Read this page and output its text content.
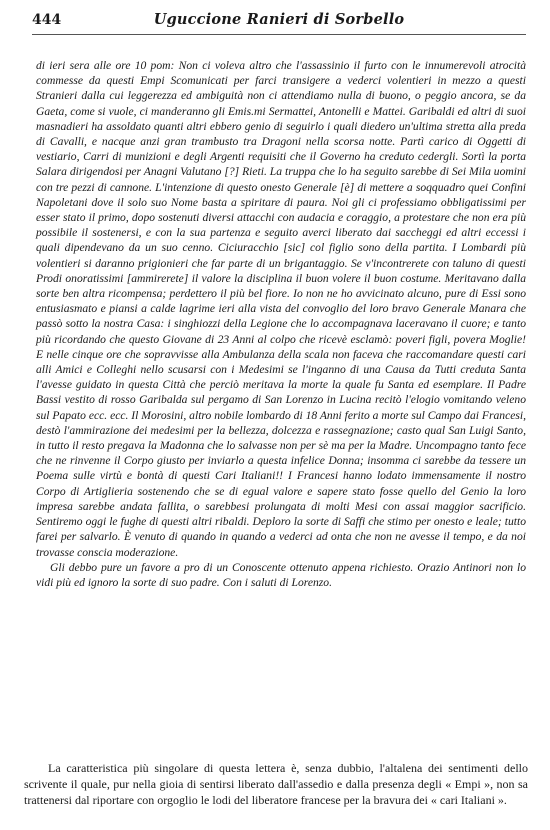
444	Uguccione Ranieri di Sorbello

di ieri sera alle ore 10 pom: Non ci voleva altro che l'assassinio il furto con le innumerevoli atrocità commesse da questi Empi Scomunicati per farci transigere a vederci volentieri in mezzo a questi Stranieri dalla cui leggerezza ed ambiguità non ci attendiamo nulla di buono, o peggio ancora, se da Gaeta, come si vuole, ci manderanno gli Emis.mi Sermattei, Antonelli e Mattei. Garibaldi ed altri di suoi masnadieri ha assoldato quanti altri ebbero genio di seguirlo i quali diedero un'ultima stretta alla preda di Cavalli, e nacque anzi gran trambusto tra Dragoni nella scorsa notte. Partì carico di Oggetti di vestiario, Carri di munizioni e degli Argenti requisiti che il Governo ha creduto cedergli. Sortì la porta Salara dirigendosi per Anagni Valutano [?] Rieti. La truppa che lo ha seguito sarebbe di Sei Mila uomini con tre pezzi di cannone. L'intenzione di questo onesto Generale [è] di mettere a soqquadro quei Confini Napoletani dove il solo suo Nome basta a spiritare di paura. Noi gli ci professiamo obbligatissimi per esser stato il primo, dopo sostenuti diversi attacchi con audacia e coraggio, a protestare che non era più possibile il sostenersi, e con la sua partenza e seguito averci liberato dai saccheggi ed altri eccessi i quali dipendevano da un suo cenno. Ciciuracchio [sic] col figlio sono della partita. I Lombardi più volentieri si daranno prigionieri che far parte di un brigantaggio. Se v'incontrerete con taluno di questi Prodi onoratissimi [ammirerete] il valore la disciplina il buon volere il buon costume. Meritavano dalla sorte ben altra ricompensa; perdettero il più bel fiore. Io non ne ho avvicinato alcuno, pure di Essi sono entusiasmato e piansi a calde lagrime ieri alla vista del convoglio del loro bravo Generale Manara che passò sotto la nostra Casa: i singhiozzi della Legione che lo accompagnava laceravano il cuore; e tanto più ricordando che questo Giovane di 23 Anni al colpo che ricevè esclamò: poveri figli, povera Moglie! E nelle cinque ore che sopravvisse alla Ambulanza della scala non faceva che raccomandare questi cari alli Amici e Colleghi nello scusarsi con i Medesimi se l'inganno di una Causa da Tutti creduta Santa l'avesse guidato in questa Città che perciò meritava la morte la quale fu Santa ed esemplare. Il Padre Bassi vestito di rosso Garibalda sul pergamo di San Lorenzo in Lucina recitò l'elogio vomitando veleno sul Papato ecc. ecc. Il Morosini, altro nobile lombardo di 18 Anni ferito a morte sul Campo dai Francesi, destò l'ammirazione dei medesimi per la bellezza, dolcezza e rassegnazione; casto qual San Luigi Santo, in tutto il resto pregava la Madonna che lo salvasse non per sè ma per la Madre. Uncompagno tanto fece che ne rinvenne il Corpo giusto per inviarlo a questa infelice Donna; insomma ci sarebbe da tessere un Poema sulle virtù e bontà di questi Cari Italiani!! I Francesi hanno lodato immensamente il nostro Corpo di Artiglieria sostenendo che se di egual valore e sapere stato fosse quello del Genio la loro impresa sarebbe andata fallita, o sarebbesi prolungata di molti Mesi con assai maggior sacrificio. Sentiremo oggi le fughe di questi altri ribaldi. Deploro la sorte di Saffi che stimo per onesto e leale; tutto farei per salvarlo. È venuto di quando in quando a vederci ad onta che non ne avesse il tempo, e da noi trovasse conscia moderazione.

Gli debbo pure un favore a pro di un Conoscente ottenuto appena richiesto. Orazio Antinori non lo vidi più ed ignoro la sorte di suo padre. Con i saluti di Lorenzo.

La caratteristica più singolare di questa lettera è, senza dubbio, l'altalena dei sentimenti dello scrivente il quale, pur nella gioia di sentirsi liberato dall'assedio e dalla presenza degli « Empi », non sa trattenersi dal riportare con orgoglio le lodi del liberatore francese per la bravura dei « cari Italiani ».
